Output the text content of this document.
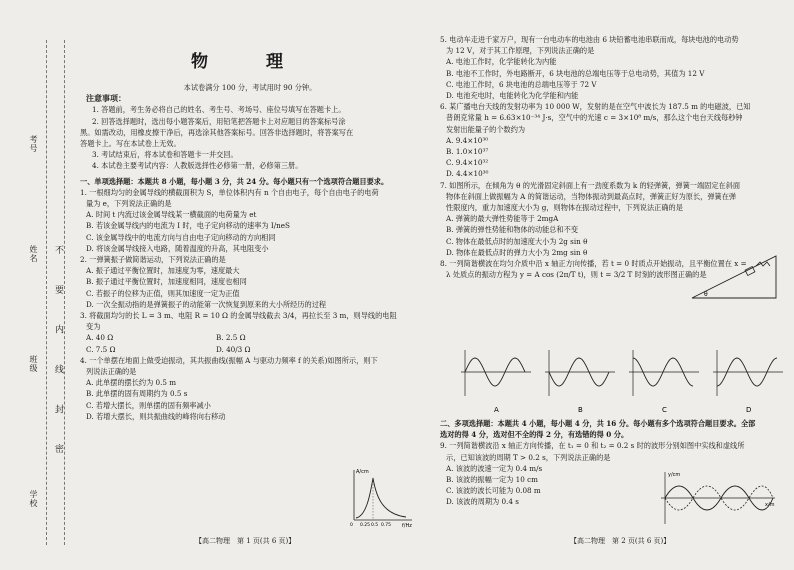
考号
姓名
班级
学校
不 要 内 线 封 密

物 理

本试卷满分 100 分，考试用时 90 分钟。

注意事项：

1. 答题前，考生务必将自己的姓名、考生号、考场号、座位号填写在答题卡上。

2. 回答选择题时，选出每小题答案后，用铅笔把答题卡上对应题目的答案标号涂

黑。如需改动，用橡皮擦干净后，再选涂其他答案标号。回答非选择题时，将答案写在

答题卡上。写在本试卷上无效。

3. 考试结束后，将本试卷和答题卡一并交回。

4. 本试卷主要考试内容：人教版选择性必修第一册，必修第三册。

一、单项选择题：本题共 8 小题，每小题 3 分，共 24 分。每小题只有一个选项符合题目要求。

1. 一根细均匀的金属导线的横截面积为 S，单位体积内有 n 个自由电子，每个自由电子的电荷

量为 e，下列说法正确的是

A. 时间 t 内流过该金属导线某一横截面的电荷量为 et

B. 若该金属导线内的电流为 I 时，电子定向移动的速率为 I/neS

C. 该金属导线中的电流方向与自由电子定向移动的方向相同

D. 将该金属导线接入电路，随着温度的升高，其电阻变小

2. 一弹簧振子做简谐运动，下列说法正确的是

A. 振子通过平衡位置时，加速度为零，速度最大

B. 振子通过平衡位置时，加速度相同，速度也相同

C. 若振子的位移为正值，则其加速度一定为正值

D. 一次全振动指的是弹簧振子的动能第一次恢复到原来的大小所经历的过程

3. 将截面均匀的长 L = 3 m、电阻 R = 10 Ω 的金属导线截去 3/4，再拉长至 3 m，则导线的电阻

变为

A. 40 Ω	B. 2.5 Ω

C. 7.5 Ω	D. 40/3 Ω

4. 一个单摆在地面上做受迫振动，其共振曲线(振幅 A 与驱动力频率 f 的关系)如图所示，则下

列说法正确的是

A. 此单摆的摆长约为 0.5 m

B. 此单摆的固有周期约为 0.5 s

C. 若增大摆长，则单摆的固有频率减小

D. 若增大摆长，则共振曲线的峰将向右移动

A/cm
f/Hz
0 0.25 0.5 0.75
【高二物理　第 1 页(共 6 页)】

5. 电动车走进千家万户，现有一台电动车的电池由 6 块铅蓄电池串联而成，每块电池的电动势

为 12 V，对于其工作原理，下列说法正确的是

A. 电池工作时，化学能转化为内能

B. 电池不工作时，外电路断开，6 块电池的总端电压等于总电动势，其值为 12 V

C. 电池工作时，6 块电池的总端电压等于 72 V

D. 电池充电时，电能转化为化学能和内能

6. 某广播电台天线的发射功率为 10 000 W，发射的是在空气中波长为 187.5 m 的电磁波，已知

普朗克常量 h = 6.63×10⁻³⁴ J·s，空气中的光速 c = 3×10⁸ m/s，那么这个电台天线每秒钟

发射出能量子的个数约为

A. 9.4×10³⁰

B. 1.0×10³⁷

C. 9.4×10³²

D. 4.4×10³⁰

7. 如图所示，在倾角为 θ 的光滑固定斜面上有一劲度系数为 k 的轻弹簧，弹簧一端固定在斜面

物体在斜面上做振幅为 A 的简谐运动，当物体振动到最高点时，弹簧正好为原长，弹簧在弹

性限度内，重力加速度大小为 g，则物体在振动过程中，下列说法正确的是

A. 弹簧的最大弹性势能等于 2mgA

B. 弹簧的弹性势能和物体的动能总和不变

C. 物体在最低点时的加速度大小为 2g sin θ

D. 物体在最低点时的弹力大小为 2mg sin θ

8. 一列简谐横波在均匀介质中沿 x 轴正方向传播，若 t = 0 时质点开始振动，且平衡位置在 x =

λ 处质点的振动方程为 y = A cos (2π/T t)，则 t = 3/2 T 时刻的波形图正确的是

θ
A	B	C	D

二、多项选择题：本题共 4 小题，每小题 4 分，共 16 分。每小题有多个选项符合题目要求。全部

选对的得 4 分，选对但不全的得 2 分，有选错的得 0 分。

9. 一列简谐横波沿 x 轴正方向传播，在 t₁ = 0 和 t₂ = 0.2 s 时的波形分别如图中实线和虚线所

示，已知该波的周期 T > 0.2 s，下列说法正确的是

A. 该波的波速一定为 0.4 m/s

B. 该波的振幅一定为 10 cm

C. 该波的波长可能为 0.08 m

D. 该波的周期为 0.4 s

y/cm
x/m
【高二物理　第 2 页(共 6 页)】
